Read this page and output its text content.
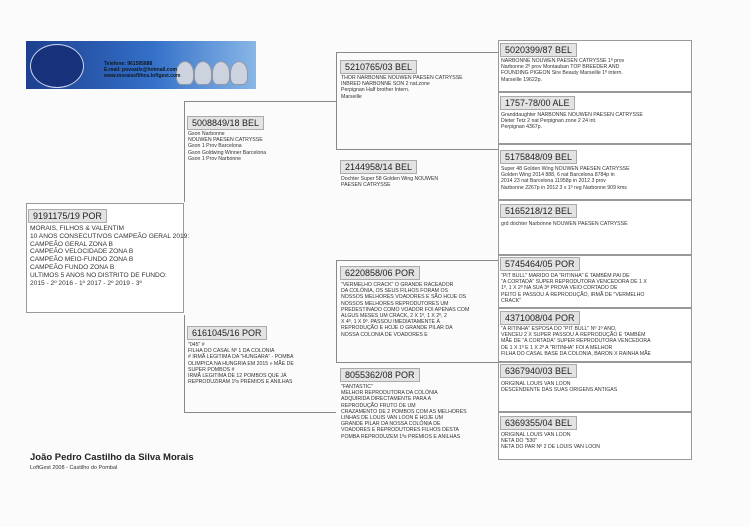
Telefone: 961585888
E-mail: povoatlx@hotmail.com
www.moraisefilhos.loftgest.com
9191175/19 POR
MORAIS, FILHOS & VALENTIM
10 ANOS CONSECUTIVOS CAMPEÃO GERAL 2019:
CAMPEÃO GERAL ZONA B
CAMPEÃO VELOCIDADE ZONA B
CAMPEÃO MEIO-FUNDO ZONA B
CAMPEÃO FUNDO ZONA B
ULTIMOS 5 ANOS NO DISTRITO DE FUNDO:
2015 - 2º 2016 - 1º 2017 - 2º 2019 - 3º
5008849/18 BEL
Gson Narbonne
NOUWEN PAESEN CATRYSSE
Gson 1 Prov Barcelona
Gson Goldwing Winner Barcelona
Gson 1 Prov Narbonne
6161045/16 POR
"045" #
FILHA DO CASAL Nº 1 DA COLONIA
# IRMÃ LEGITIMA DA "HUNGARA" - POMBA
OLIMPICA NA HUNGRIA EM 2015 » MÃE DE
SUPER POMBOS #
IRMÃ LEGITIMA DE 12 POMBOS QUE JÁ
REPRODUZIRAM 1ºs PRÉMIOS E ANILHAS
5210765/03 BEL
THOR NARBONNE NOUWEN PAESEN CATRYSSE
INBRED NARBONNE SON 2 nat.zone
Perpignan Half brother Intern.
Marseille
2144958/14 BEL
Dochter Super 58 Golden Wing NOUWEN
PAESEN CATRYSSE
6220858/06 POR
"VERMELHO CRACK" O GRANDE RACEADOR
DA COLÓNIA, OS SEUS FILHOS FORAM OS
NOSSOS MELHORES VOADORES E SÃO HOJE OS
NOSSOS MELHORES REPRODUTORES UM
PREDESTINADO COMO VOADOR FOI APENAS COM
ALGUS MESES UM CRACK, 2 X 1º, 1 X 2º, 2
X 4º, 1 X 9º. PASSOU IMEDIATAMENTE À
REPRODUÇÃO E HOJE O GRANDE PILAR DA
NOSSA COLONIA DE VOADORES E
8055362/08 POR
"FANTASTIC"
MELHOR REPRODUTORA DA COLÓNIA
ADQUIRIDA DIRECTAMENTE PARA A
REPRODUÇÃO FRUTO DE UM
CRAZAMENTO DE 2 POMBOS COM AS MELHORES
LINHAS DE LOUIS VAN LOON É HOJE UM
GRANDE PILAR DA NOSSA COLÓNIA DE
VOADORES E REPRODUTORES FILHOS DESTA
POMBA REPRODUZEM 1ºs PRÉMIOS E ANILHAS
5020399/87 BEL
NARBONNE NOUWEN PAESEN CATRYSSE 1º prov
Narbonne 2º prov Montauban TOP BREEDER AND
FOUNDING PIGEON Sire Beauty Marseille 1º intern.
Marseille 19622p.
1757-78/00 ALE
Granddaughter NARBONNE NOUWEN PAESEN CATRYSSE
Dieter Tetz 2 nat Perpignan zone 2 24 int.
Perpignan 4367p.
5175848/09 BEL
Super 48 Golden Wing NOUWEN PAESEN CATRYSSE
Golden Wing 2014 888, 6 nat Barcelona 8784p in
2014 23 nat Barcelona 11958p in 2012 3 prov
Narbonne 2267p in 2012 3 x 1º reg Narbonne 909 kms
5165218/12 BEL
grd dochter Narbonne NOUWEN PAESEN CATRYSSE
5745464/05 POR
"PIT BULL" MARIDO DA "RITINHA" É TAMBÉM PAI DE
"A CORTADA" SUPER REPRODUTORA VENCEDORA DE 1 X
1º, 1 X 2º NA SUA 3ª PROVA VEIO CORTADO DE
PEITO E PASSOU À REPRODUÇÃO, IRMÃ DE "VERMELHO
CRACK"
4371008/04 POR
"A RITINHA" ESPOSA DO "PIT BULL" Nº 1º ANO,
VENCEU 2 X SUPER PASSOU À REPRODUÇÃO É TAMBÉM
MÃE DE "A CORTADA" SUPER REPRODUTORA VENCEDORA
DE 1 X 1º E 1 X 2º A "RITINHA" FOI A MELHOR
FILHA DO CASAL BASE DA COLONIA, BARON X RAINHA MÃE
6367940/03 BEL
ORIGINAL LOUIS VAN LOON
DESCENDENTE DAS SUAS ORIGENS ANTIGAS
6369355/04 BEL
ORIGINAL LOUIS VAN LOON
NETA DO "530"
NETA DO PAR Nº 2 DE LOUIS VAN LOON
João Pedro Castilho da Silva Morais
LoftGest 2008 - Castilho do Pombal
